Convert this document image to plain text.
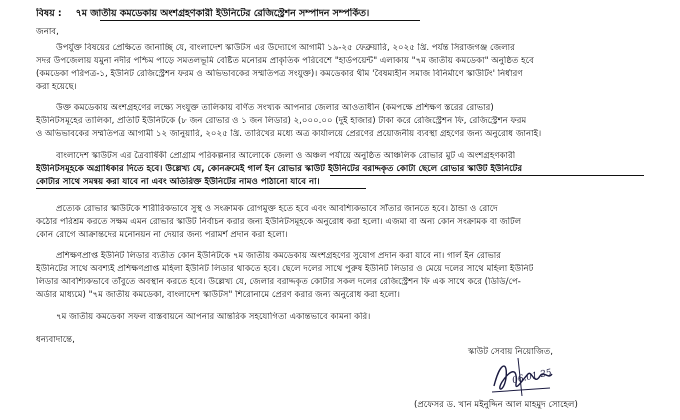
বিষয় : ৭ম জাতীয় কমডেকায় অংশগ্রহণকারী ইউনিটের রেজিস্ট্রেশন সম্পাদন সম্পর্কিত।
জনাব,
উপর্যুক্ত বিষয়ের প্রেক্ষিতে জানাচ্ছি যে, বাংলাদেশ স্কাউটস এর উদ্যোগে আগামী ১৯-২৫ ফেব্রুয়ারি, ২০২৫ খ্রি. পর্যন্ত সিরাজগঞ্জ জেলার
সদর উপজেলায় যমুনা নদীর পশ্চিম পাড়ে সমতলভূমি বেষ্টিত মনোরম প্রাকৃতিক পরিবেশে "হার্ডপয়েন্ট" এলাকায় "৭ম জাতীয় কমডেকা" অনুষ্ঠিত হবে
(কমডেকা পরিপত্র-১, ইউনিট রেজিস্ট্রেশন ফরম ও অভিভাবকের সম্মতিপত্র সংযুক্ত)। কমডেকার থীম 'বৈষম্যহীন সমাজ বিনির্মাণে স্কাউটিং' নির্ধারণ
করা হয়েছে।
উক্ত কমডেকায় অংশগ্রহণের লক্ষ্যে সংযুক্ত তালিকায় বর্ণিত সংখ্যক আপনার জেলার আওতাধীন (কমপক্ষে প্রশিক্ষণ স্তরের রোভার)
ইউনিটসমূহের তালিকা, প্রতিটি ইউনিটকে (৮ জন রোভার ও ১ জন লিডার) ২,০০০.০০ (দুই হাজার) টাকা করে রেজিস্ট্রেশন ফি, রেজিস্ট্রেশন ফরম
ও অভিভাবকের সম্মতিপত্র আগামী ১২ জানুয়ারি, ২০২৫ খ্রি. তারিখের মধ্যে অত্র কার্যালয়ে প্রেরণের প্রয়োজনীয় ব্যবস্থা গ্রহণের জন্য অনুরোধ জানাই।
বাংলাদেশ স্কাউটস এর ত্রৈবার্ষিকী প্রোগ্রাম পরিকল্পনার আলোকে জেলা ও অঞ্চল পর্যায়ে অনুষ্ঠিত আঞ্চলিক রোভার মুট এ অংশগ্রহণকারী
ইউনিটসমূহকে অগ্রাধিকার দিতে হবে। উল্লেখ্য যে, কোনক্রমেই গার্ল ইন রোভার স্কাউট ইউনিটের বরাদ্দকৃত কোটা ছেলে রোভার স্কাউট ইউনিটের
কোটার সাথে সমন্বয় করা যাবে না এবং অতিরিক্ত ইউনিটের নামও পাঠানো যাবে না।
প্রত্যেক রোভার স্কাউটকে শারীরিকভাবে সুস্থ ও সংক্রামক রোগমুক্ত হতে হবে এবং আবশ্যিকভাবে সাঁতার জানতে হবে। ঠান্ডা ও রোদে
কঠোর পরিশ্রম করতে সক্ষম এমন রোভার স্কাউট নির্বাচন করার জন্য ইউনিটসমূহকে অনুরোধ করা হলো। এজমা বা অন্য কোন সংক্রামক বা জটিল
কোন রোগে আক্রান্তদের মনোনয়ন না দেয়ার জন্য পরামর্শ প্রদান করা হলো।
প্রশিক্ষণপ্রাপ্ত ইউনিট লিডার ব্যতীত কোন ইউনিটকে ৭ম জাতীয় কমডেকায় অংশগ্রহণের সুযোগ প্রদান করা যাবে না। গার্ল ইন রোভার
ইউনিটের সাথে অবশ্যই প্রশিক্ষণপ্রাপ্ত মহিলা ইউনিট লিডার থাকতে হবে। ছেলে দলের সাথে পুরুষ ইউনিট লিডার ও মেয়ে দলের সাথে মহিলা ইউনিট
লিডার আবশ্যিকভাবে তাঁবুতে অবস্থান করতে হবে। উল্লেখ্য যে, জেলার বরাদ্দকৃত কোটার সকল দলের রেজিস্ট্রেশন ফি এক সাথে করে (ডিডি/পে-
অর্ডার মাধ্যমে) "৭ম জাতীয় কমডেকা, বাংলাদেশ স্কাউটস" শিরোনামে প্রেরণ করার জন্য অনুরোধ করা হলো।
৭ম জাতীয় কমডেকা সফল বাস্তবায়নে আপনার আন্তরিক সহযোগিতা একান্তভাবে কামনা করি।
ধন্যবাদান্তে,
স্কাউট সেবায় নিয়োজিত,
06.01.25
(প্রফেসর ড. খান মইনুদ্দিন আল মাহমুদ সোহেল)
